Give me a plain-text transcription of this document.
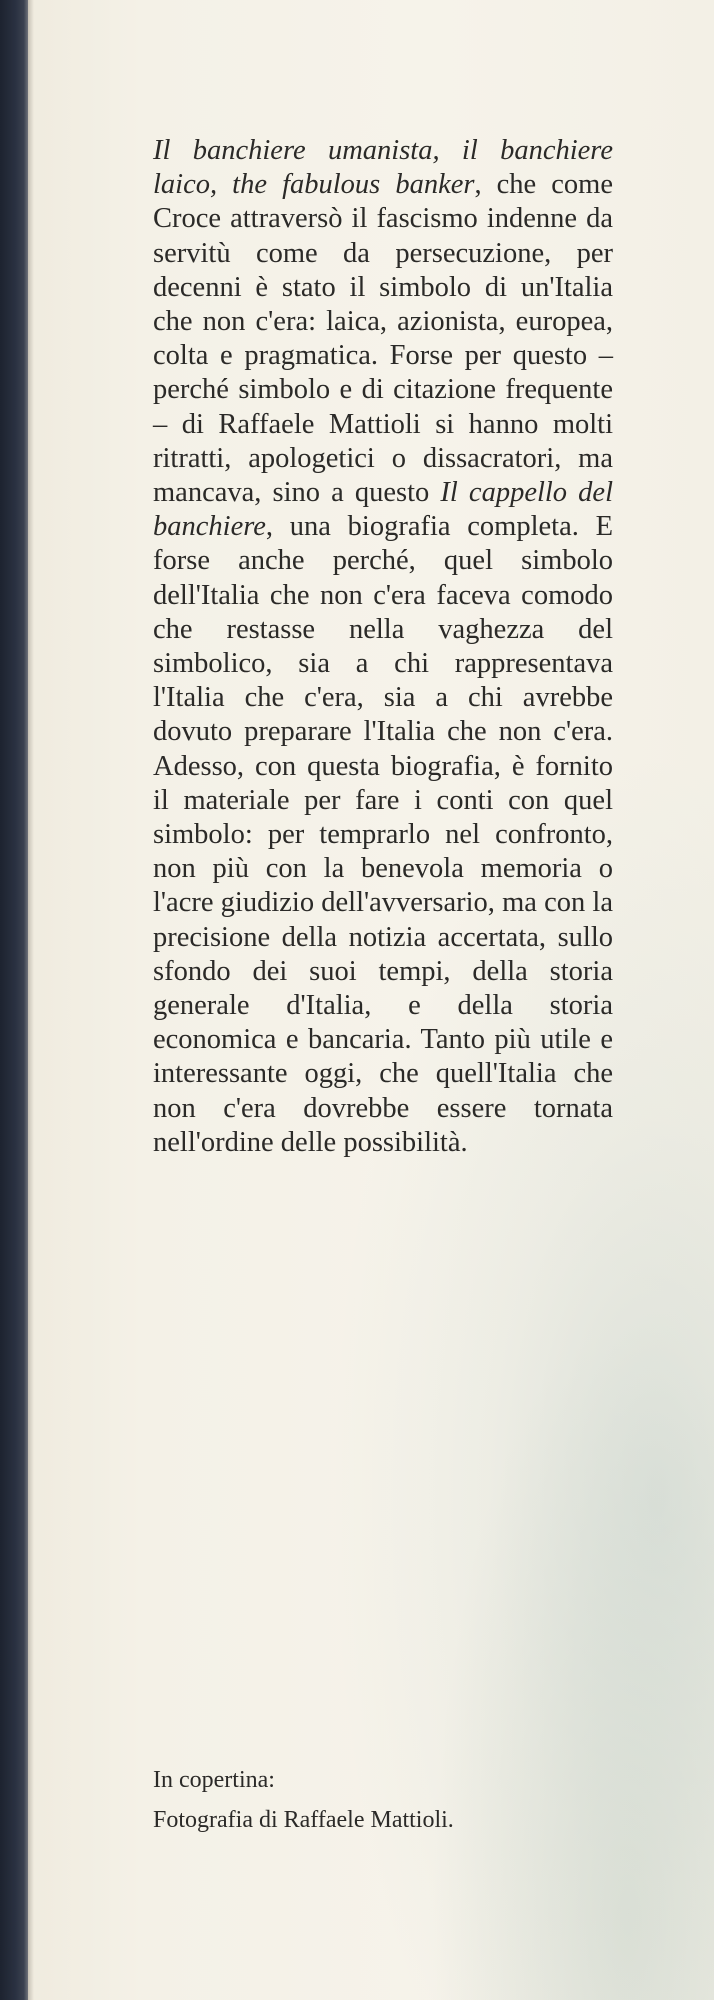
Il banchiere umanista, il banchiere laico, the fabulous banker, che come Croce attraversò il fascismo indenne da servitù come da persecuzione, per decenni è stato il simbolo di un'Italia che non c'era: laica, azionista, europea, colta e pragmatica. Forse per questo – perché simbolo e di citazione frequente – di Raffaele Mattioli si hanno molti ritratti, apologetici o dissacratori, ma mancava, sino a questo Il cappello del banchiere, una biografia completa. E forse anche perché, quel simbolo dell'Italia che non c'era faceva comodo che restasse nella vaghezza del simbolico, sia a chi rappresentava l'Italia che c'era, sia a chi avrebbe dovuto preparare l'Italia che non c'era. Adesso, con questa biografia, è fornito il materiale per fare i conti con quel simbolo: per temprarlo nel confronto, non più con la benevola memoria o l'acre giudizio dell'avversario, ma con la precisione della notizia accertata, sullo sfondo dei suoi tempi, della storia generale d'Italia, e della storia economica e bancaria. Tanto più utile e interessante oggi, che quell'Italia che non c'era dovrebbe essere tornata nell'ordine delle possibilità.

In copertina:
Fotografia di Raffaele Mattioli.
